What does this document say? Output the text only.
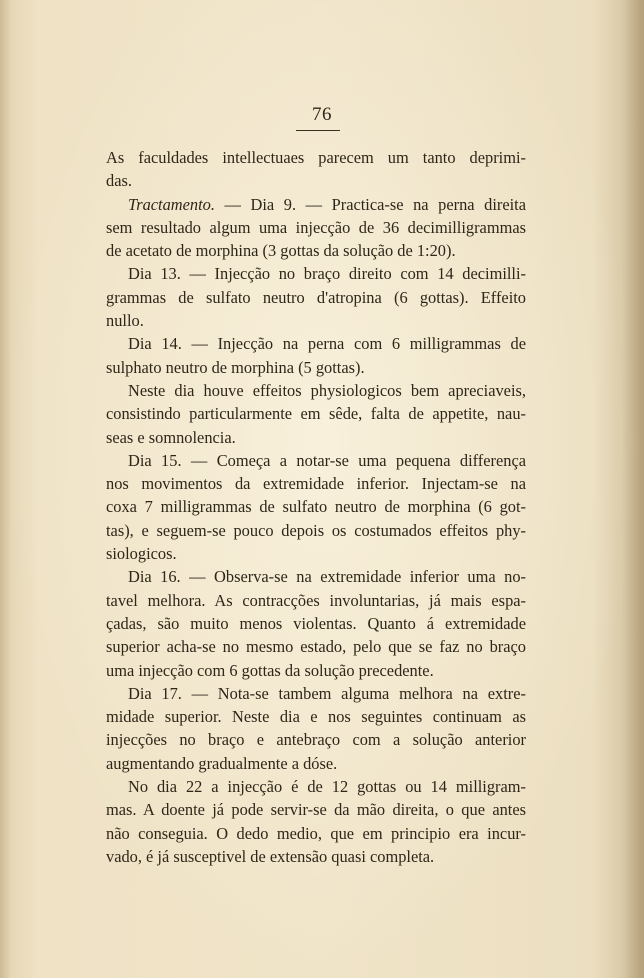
76
As faculdades intellectuaes parecem um tanto deprimi-
das.
Tractamento. — Dia 9. — Practica-se na perna direita
sem resultado algum uma injecção de 36 decimilligrammas
de acetato de morphina (3 gottas da solução de 1:20).
Dia 13. — Injecção no braço direito com 14 decimilli-
grammas de sulfato neutro d'atropina (6 gottas). Effeito
nullo.
Dia 14. — Injecção na perna com 6 milligrammas de
sulphato neutro de morphina (5 gottas).
Neste dia houve effeitos physiologicos bem apreciaveis,
consistindo particularmente em sêde, falta de appetite, nau-
seas e somnolencia.
Dia 15. — Começa a notar-se uma pequena differença
nos movimentos da extremidade inferior. Injectam-se na
coxa 7 milligrammas de sulfato neutro de morphina (6 got-
tas), e seguem-se pouco depois os costumados effeitos phy-
siologicos.
Dia 16. — Observa-se na extremidade inferior uma no-
tavel melhora. As contracções involuntarias, já mais espa-
çadas, são muito menos violentas. Quanto á extremidade
superior acha-se no mesmo estado, pelo que se faz no braço
uma injecção com 6 gottas da solução precedente.
Dia 17. — Nota-se tambem alguma melhora na extre-
midade superior. Neste dia e nos seguintes continuam as
injecções no braço e antebraço com a solução anterior
augmentando gradualmente a dóse.
No dia 22 a injecção é de 12 gottas ou 14 milligram-
mas. A doente já pode servir-se da mão direita, o que antes
não conseguia. O dedo medio, que em principio era incur-
vado, é já susceptivel de extensão quasi completa.
